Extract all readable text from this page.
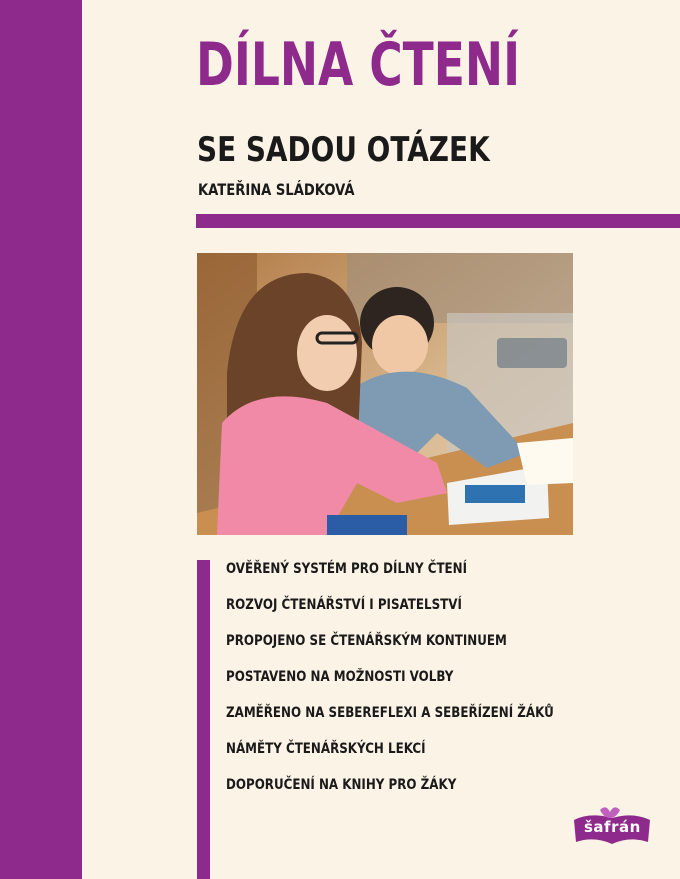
DÍLNA ČTENÍ
SE SADOU OTÁZEK
KATEŘINA SLÁDKOVÁ
OVĚŘENÝ SYSTÉM PRO DÍLNY ČTENÍ
ROZVOJ ČTENÁŘSTVÍ I PISATELSTVÍ
PROPOJENO SE ČTENÁŘSKÝM KONTINUEM
POSTAVENO NA MOŽNOSTI VOLBY
ZAMĚŘENO NA SEBEREFLEXI A SEBEŘÍZENÍ ŽÁKŮ
NÁMĚTY ČTENÁŘSKÝCH LEKCÍ
DOPORUČENÍ NA KNIHY PRO ŽÁKY
šafrán
